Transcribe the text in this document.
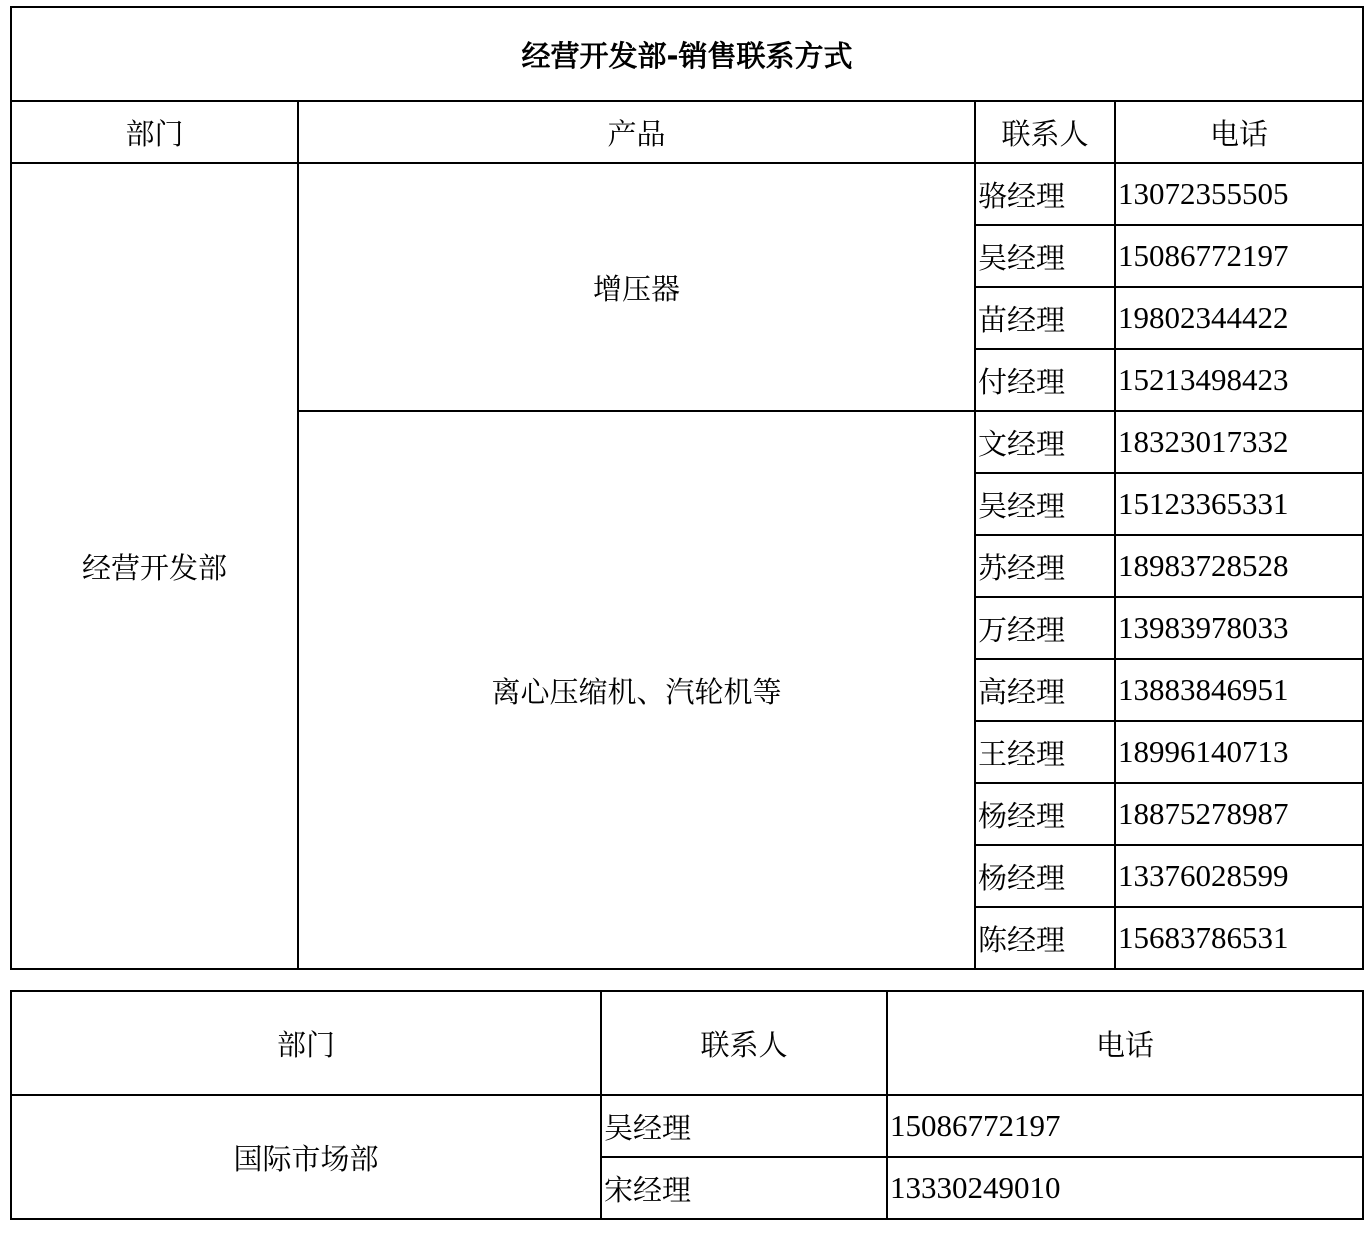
经营开发部-销售联系方式			
部门	产品	联系人	电话
经营开发部	增压器	骆经理	13072355505
		吴经理	15086772197
		苗经理	19802344422
		付经理	15213498423
	离心压缩机、汽轮机等	文经理	18323017332
		吴经理	15123365331
		苏经理	18983728528
		万经理	13983978033
		高经理	13883846951
		王经理	18996140713
		杨经理	18875278987
		杨经理	13376028599
		陈经理	15683786531
部门	联系人	电话
国际市场部	吴经理	15086772197
	宋经理	13330249010
